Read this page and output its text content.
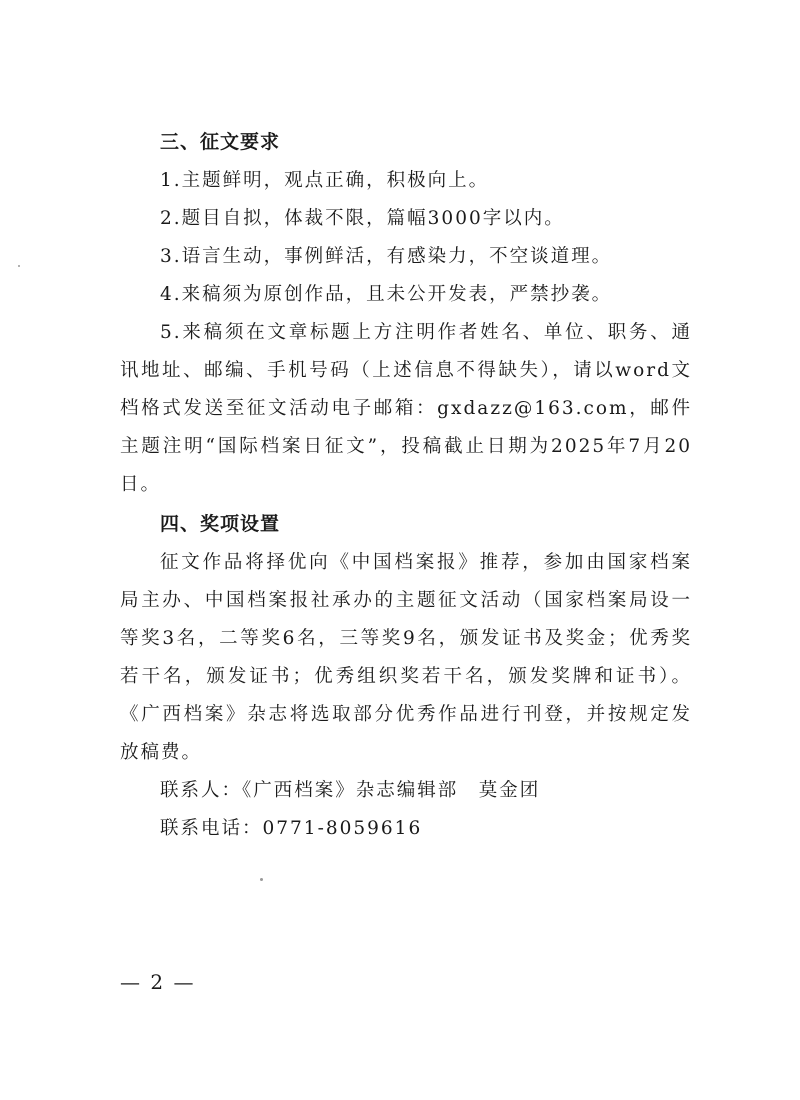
三、征文要求

1.主题鲜明，观点正确，积极向上。

2.题目自拟，体裁不限，篇幅3000字以内。

3.语言生动，事例鲜活，有感染力，不空谈道理。

4.来稿须为原创作品，且未公开发表，严禁抄袭。

5.来稿须在文章标题上方注明作者姓名、单位、职务、通讯地址、邮编、手机号码（上述信息不得缺失），请以word文档格式发送至征文活动电子邮箱：gxdazz@163.com，邮件主题注明“国际档案日征文”，投稿截止日期为2025年7月20日。

四、奖项设置

征文作品将择优向《中国档案报》推荐，参加由国家档案局主办、中国档案报社承办的主题征文活动（国家档案局设一等奖3名，二等奖6名，三等奖9名，颁发证书及奖金；优秀奖若干名，颁发证书；优秀组织奖若干名，颁发奖牌和证书）。《广西档案》杂志将选取部分优秀作品进行刊登，并按规定发放稿费。

联系人：《广西档案》杂志编辑部　莫金团

联系电话：0771-8059616

— 2 —
